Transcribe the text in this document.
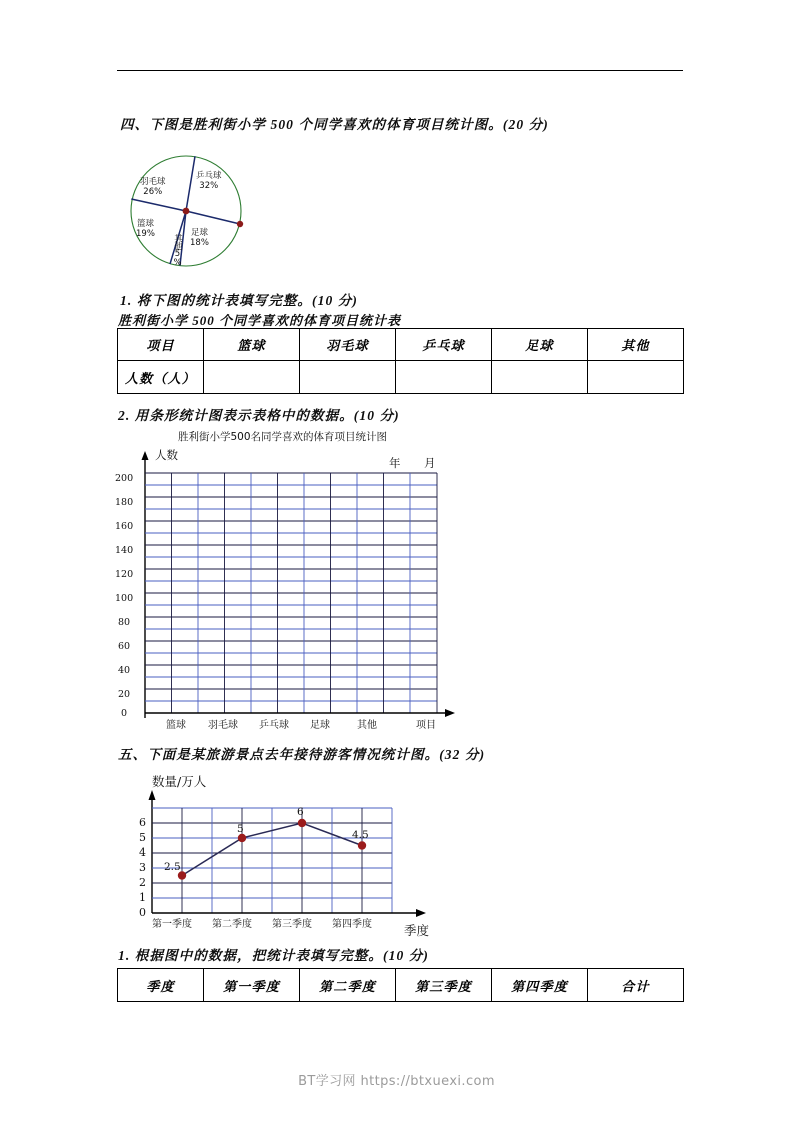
四、下图是胜利街小学 500 个同学喜欢的体育项目统计图。(20 分)
乒乓球
32%
足球
18%
其他5%
篮球
19%
羽毛球
26%
1. 将下图的统计表填写完整。(10 分)
胜利街小学 500 个同学喜欢的体育项目统计表
项目	篮球	羽毛球	乒乓球	足球	其他
人数（人）					
2. 用条形统计图表示表格中的数据。(10 分)
胜利街小学500名同学喜欢的体育项目统计图
人数
年 月
0
20
40
60
80
100
120
140
160
180
200
篮球 羽毛球 乒乓球 足球	其他	项目
五、下面是某旅游景点去年接待游客情况统计图。(32 分)
数量/万人
0
1
2
3
4
5
6
2.5
5
6
4.5
第一季度 第二季度 第三季度 第四季度	季度
1. 根据图中的数据，把统计表填写完整。(10 分)
季度	第一季度	第二季度	第三季度	第四季度	合计
BT学习网 https://btxuexi.com
